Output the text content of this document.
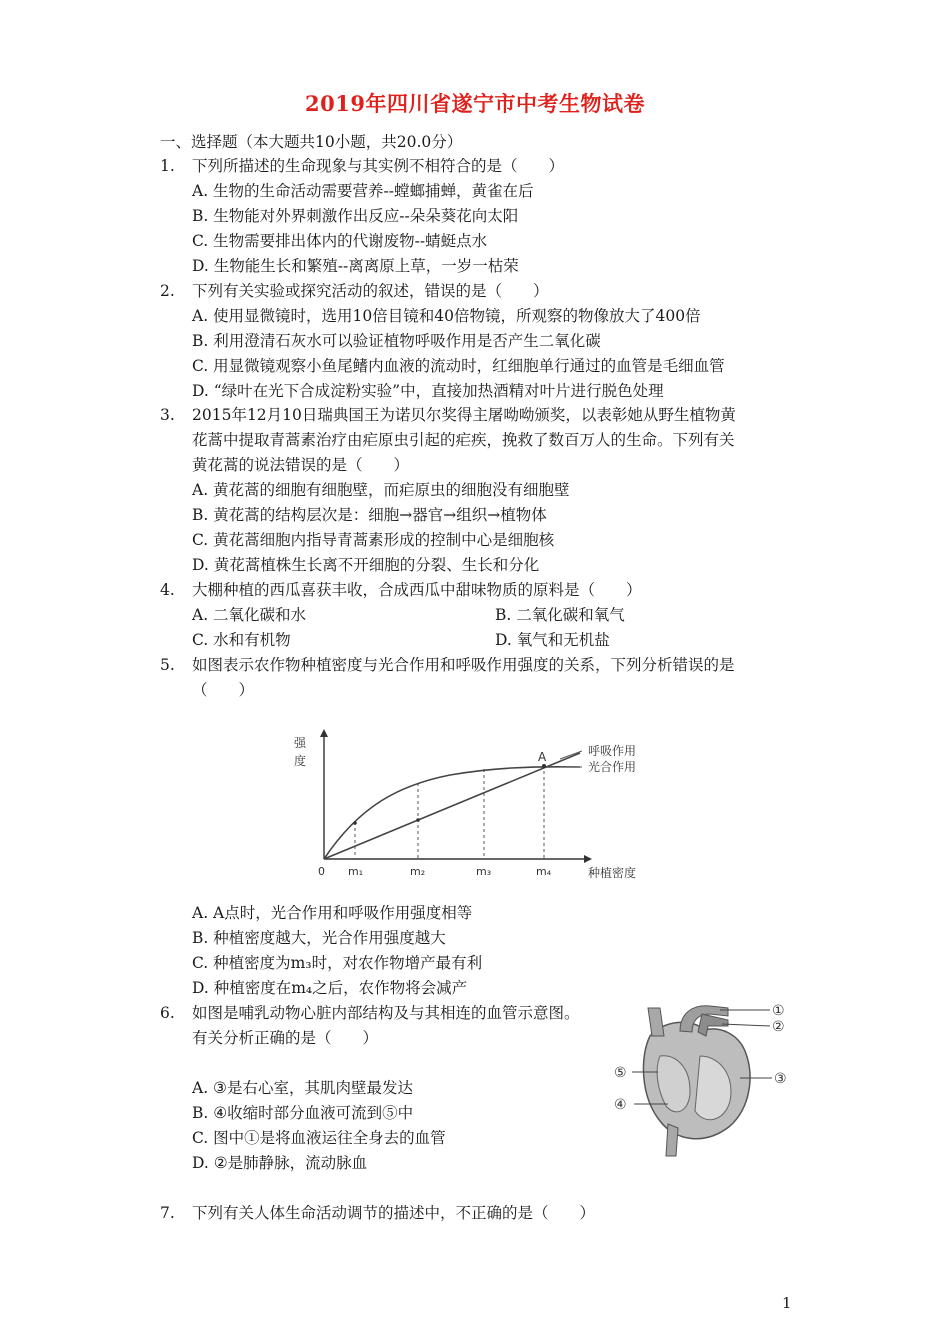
2019年四川省遂宁市中考生物试卷
一、选择题（本大题共10小题，共20.0分）
1. 下列所描述的生命现象与其实例不相符合的是（　　）
A. 生物的生命活动需要营养--螳螂捕蝉，黄雀在后
B. 生物能对外界刺激作出反应--朵朵葵花向太阳
C. 生物需要排出体内的代谢废物--蜻蜓点水
D. 生物能生长和繁殖--离离原上草，一岁一枯荣
2. 下列有关实验或探究活动的叙述，错误的是（　　）
A. 使用显微镜时，选用10倍目镜和40倍物镜，所观察的物像放大了400倍
B. 利用澄清石灰水可以验证植物呼吸作用是否产生二氧化碳
C. 用显微镜观察小鱼尾鳍内血液的流动时，红细胞单行通过的血管是毛细血管
D. “绿叶在光下合成淀粉实验”中，直接加热酒精对叶片进行脱色处理
3. 2015年12月10日瑞典国王为诺贝尔奖得主屠呦呦颁奖，以表彰她从野生植物黄
花蒿中提取青蒿素治疗由疟原虫引起的疟疾，挽救了数百万人的生命。下列有关
黄花蒿的说法错误的是（　　）
A. 黄花蒿的细胞有细胞壁，而疟原虫的细胞没有细胞壁
B. 黄花蒿的结构层次是：细胞→器官→组织→植物体
C. 黄花蒿细胞内指导青蒿素形成的控制中心是细胞核
D. 黄花蒿植株生长离不开细胞的分裂、生长和分化
4. 大棚种植的西瓜喜获丰收，合成西瓜中甜味物质的原料是（　　）
A. 二氧化碳和水	B. 二氧化碳和氧气
C. 水和有机物	D. 氧气和无机盐
5. 如图表示农作物种植密度与光合作用和呼吸作用强度的关系，下列分析错误的是
（　　）
强
度	A	呼吸作用
光合作用
0 m₁	m₂	m₃	m₄	种植密度
A. A点时，光合作用和呼吸作用强度相等
B. 种植密度越大，光合作用强度越大
C. 种植密度为m₃时，对农作物增产最有利
D. 种植密度在m₄之后，农作物将会减产
6. 如图是哺乳动物心脏内部结构及与其相连的血管示意图。
有关分析正确的是（　　）
①
②
③
④
⑤
A. ③是右心室，其肌肉壁最发达
B. ④收缩时部分血液可流到⑤中
C. 图中①是将血液运往全身去的血管
D. ②是肺静脉，流动脉血
7. 下列有关人体生命活动调节的描述中，不正确的是（　　）
1
